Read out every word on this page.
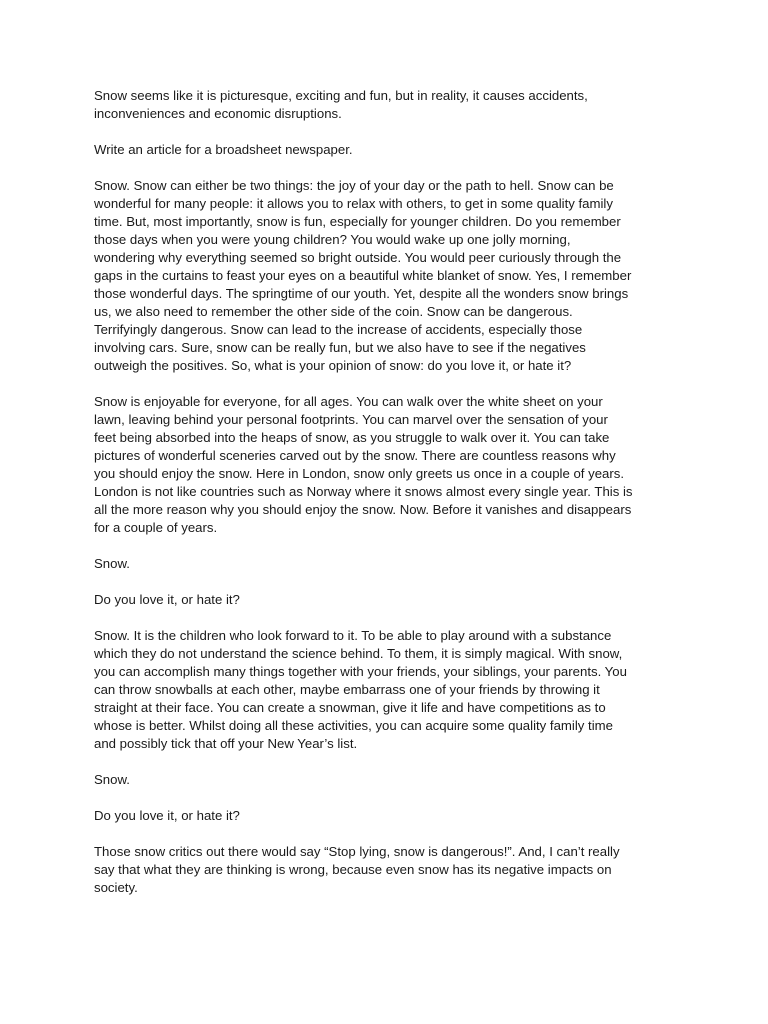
Snow seems like it is picturesque, exciting and fun, but in reality, it causes accidents,
inconveniences and economic disruptions.

Write an article for a broadsheet newspaper.

Snow. Snow can either be two things: the joy of your day or the path to hell. Snow can be
wonderful for many people: it allows you to relax with others, to get in some quality family
time. But, most importantly, snow is fun, especially for younger children. Do you remember
those days when you were young children? You would wake up one jolly morning,
wondering why everything seemed so bright outside. You would peer curiously through the
gaps in the curtains to feast your eyes on a beautiful white blanket of snow. Yes, I remember
those wonderful days. The springtime of our youth. Yet, despite all the wonders snow brings
us, we also need to remember the other side of the coin. Snow can be dangerous.
Terrifyingly dangerous. Snow can lead to the increase of accidents, especially those
involving cars. Sure, snow can be really fun, but we also have to see if the negatives
outweigh the positives. So, what is your opinion of snow: do you love it, or hate it?

Snow is enjoyable for everyone, for all ages. You can walk over the white sheet on your
lawn, leaving behind your personal footprints. You can marvel over the sensation of your
feet being absorbed into the heaps of snow, as you struggle to walk over it. You can take
pictures of wonderful sceneries carved out by the snow. There are countless reasons why
you should enjoy the snow. Here in London, snow only greets us once in a couple of years.
London is not like countries such as Norway where it snows almost every single year. This is
all the more reason why you should enjoy the snow. Now. Before it vanishes and disappears
for a couple of years.

Snow.

Do you love it, or hate it?

Snow. It is the children who look forward to it. To be able to play around with a substance
which they do not understand the science behind. To them, it is simply magical. With snow,
you can accomplish many things together with your friends, your siblings, your parents. You
can throw snowballs at each other, maybe embarrass one of your friends by throwing it
straight at their face. You can create a snowman, give it life and have competitions as to
whose is better. Whilst doing all these activities, you can acquire some quality family time
and possibly tick that off your New Year’s list.

Snow.

Do you love it, or hate it?

Those snow critics out there would say “Stop lying, snow is dangerous!”. And, I can’t really
say that what they are thinking is wrong, because even snow has its negative impacts on
society.
